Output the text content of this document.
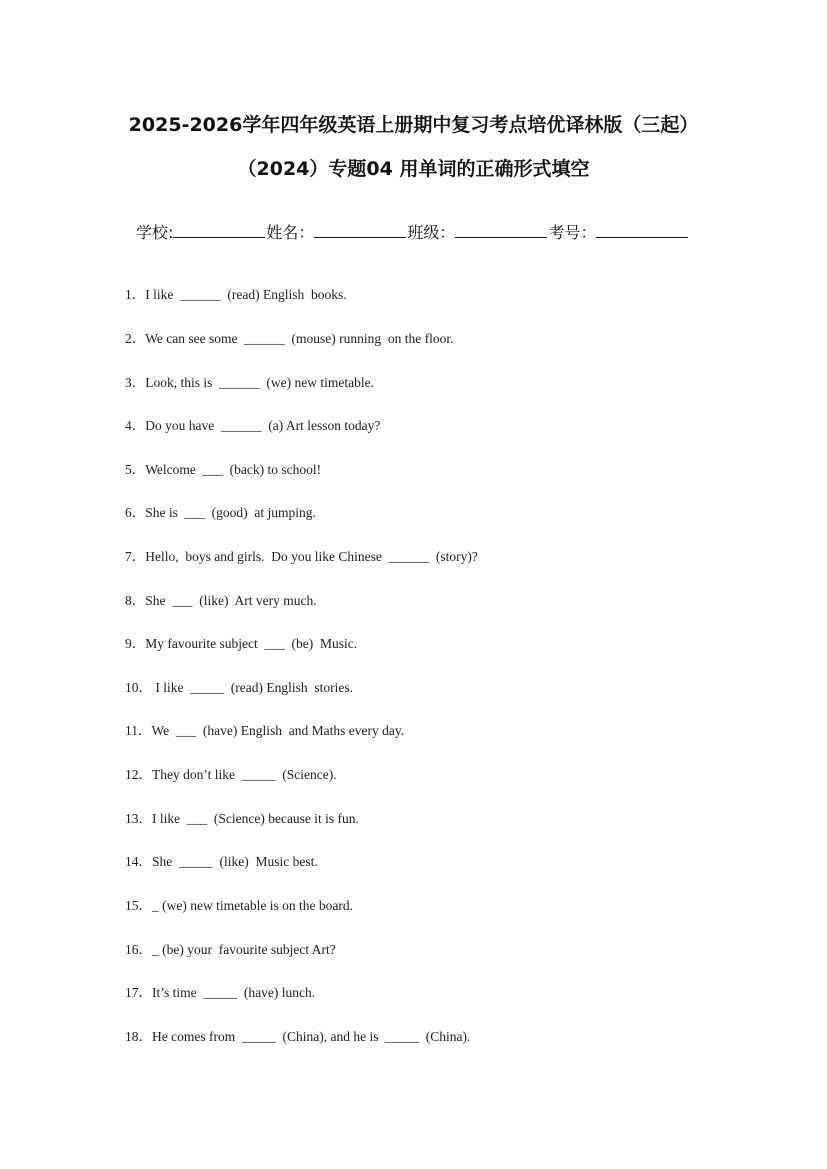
2025-2026学年四年级英语上册期中复习考点培优译林版（三起）
（2024）专题04 用单词的正确形式填空
学校:	姓名：	班级：	考号：
1．I like  ______  (read) English  books.
2．We can see some  ______  (mouse) running  on the floor.
3．Look, this is  ______  (we) new timetable.
4．Do you have  ______  (a) Art lesson today?
5．Welcome  ___  (back) to school!
6．She is  ___  (good)  at jumping.
7．Hello,  boys and girls.  Do you like Chinese  ______  (story)?
8．She  ___  (like)  Art very much.
9．My favourite subject  ___  (be)  Music.
10． I like  _____  (read) English  stories.
11．We  ___  (have) English  and Maths every day.
12．They don’t like  _____  (Science).
13．I like  ___  (Science) because it is fun.
14．She  _____  (like)  Music best.
15．_ (we) new timetable is on the board.
16．_ (be) your  favourite subject Art?
17．It’s time  _____  (have) lunch.
18．He comes from  _____  (China), and he is  _____  (China).
